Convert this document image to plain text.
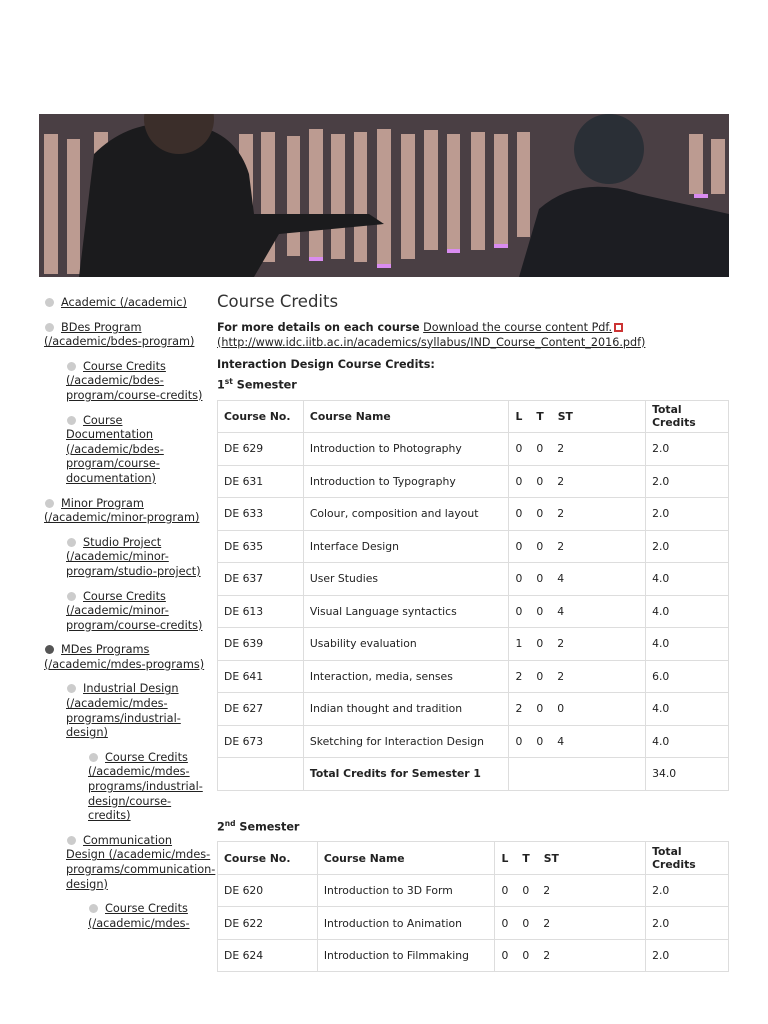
Academic (/academic)
BDes Program (/academic/bdes-program)
Course Credits (/academic/bdes-program/course-credits)
Course Documentation (/academic/bdes-program/course-documentation)
Minor Program (/academic/minor-program)
Studio Project (/academic/minor-program/studio-project)
Course Credits (/academic/minor-program/course-credits)
MDes Programs (/academic/mdes-programs)
Industrial Design (/academic/mdes-programs/industrial-design)
Course Credits (/academic/mdes-programs/industrial-design/course-credits)
Communication Design (/academic/mdes-programs/communication-design)
Course Credits (/academic/mdes-
Course Credits

For more details on each course Download the course content Pdf.
(http://www.idc.iitb.ac.in/academics/syllabus/IND_Course_Content_2016.pdf)

Interaction Design Course Credits:

1st Semester

Course No.	Course Name	L T ST	Total Credits
DE 629	Introduction to Photography	0 0 2	2.0
DE 631	Introduction to Typography	0 0 2	2.0
DE 633	Colour, composition and layout	0 0 2	2.0
DE 635	Interface Design	0 0 2	2.0
DE 637	User Studies	0 0 4	4.0
DE 613	Visual Language syntactics	0 0 4	4.0
DE 639	Usability evaluation	1 0 2	4.0
DE 641	Interaction, media, senses	2 0 2	6.0
DE 627	Indian thought and tradition	2 0 0	4.0
DE 673	Sketching for Interaction Design	0 0 4	4.0
	Total Credits for Semester 1		34.0

2nd Semester

Course No.	Course Name	L T ST	Total Credits
DE 620	Introduction to 3D Form	0 0 2	2.0
DE 622	Introduction to Animation	0 0 2	2.0
DE 624	Introduction to Filmmaking	0 0 2	2.0
